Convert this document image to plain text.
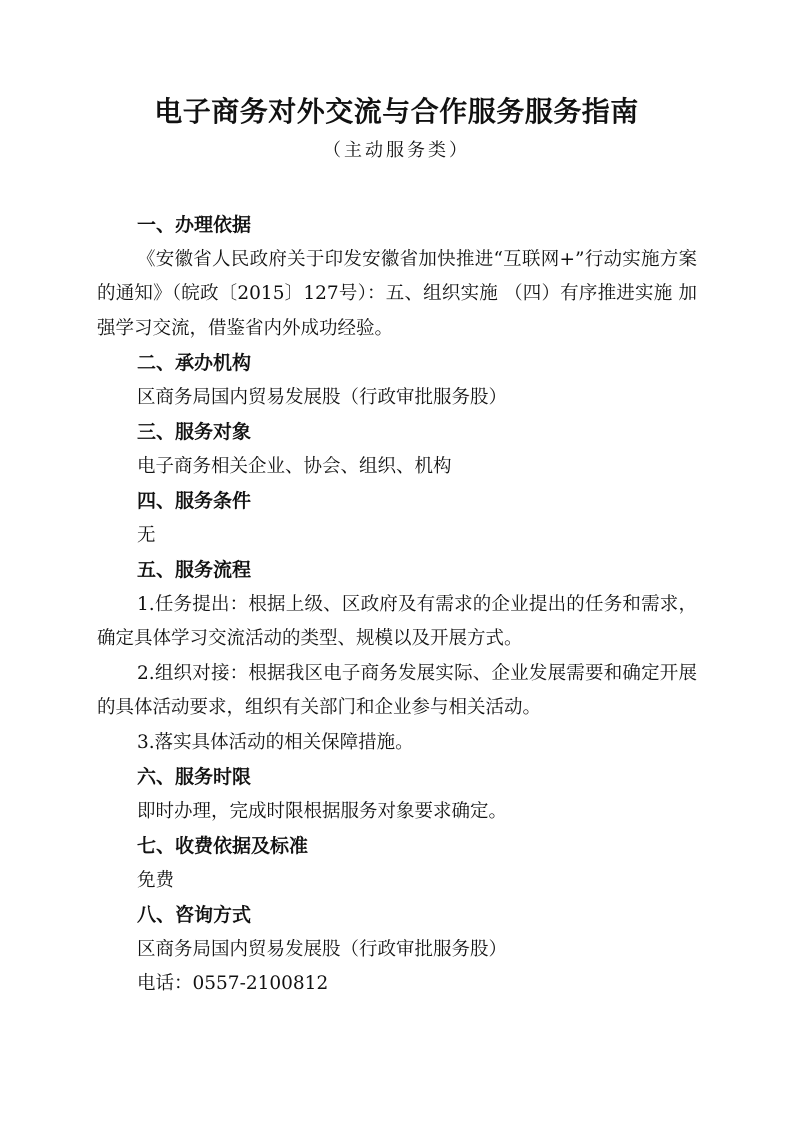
电子商务对外交流与合作服务服务指南
（主动服务类）
一、办理依据
《安徽省人民政府关于印发安徽省加快推进“互联网+”行动实施方案的通知》（皖政〔2015〕127号）：五、组织实施 （四）有序推进实施 加强学习交流，借鉴省内外成功经验。
二、承办机构
区商务局国内贸易发展股（行政审批服务股）
三、服务对象
电子商务相关企业、协会、组织、机构
四、服务条件
无
五、服务流程
1.任务提出：根据上级、区政府及有需求的企业提出的任务和需求，确定具体学习交流活动的类型、规模以及开展方式。
2.组织对接：根据我区电子商务发展实际、企业发展需要和确定开展的具体活动要求，组织有关部门和企业参与相关活动。
3.落实具体活动的相关保障措施。
六、服务时限
即时办理，完成时限根据服务对象要求确定。
七、收费依据及标准
免费
八、咨询方式
区商务局国内贸易发展股（行政审批服务股）
电话：0557-2100812
